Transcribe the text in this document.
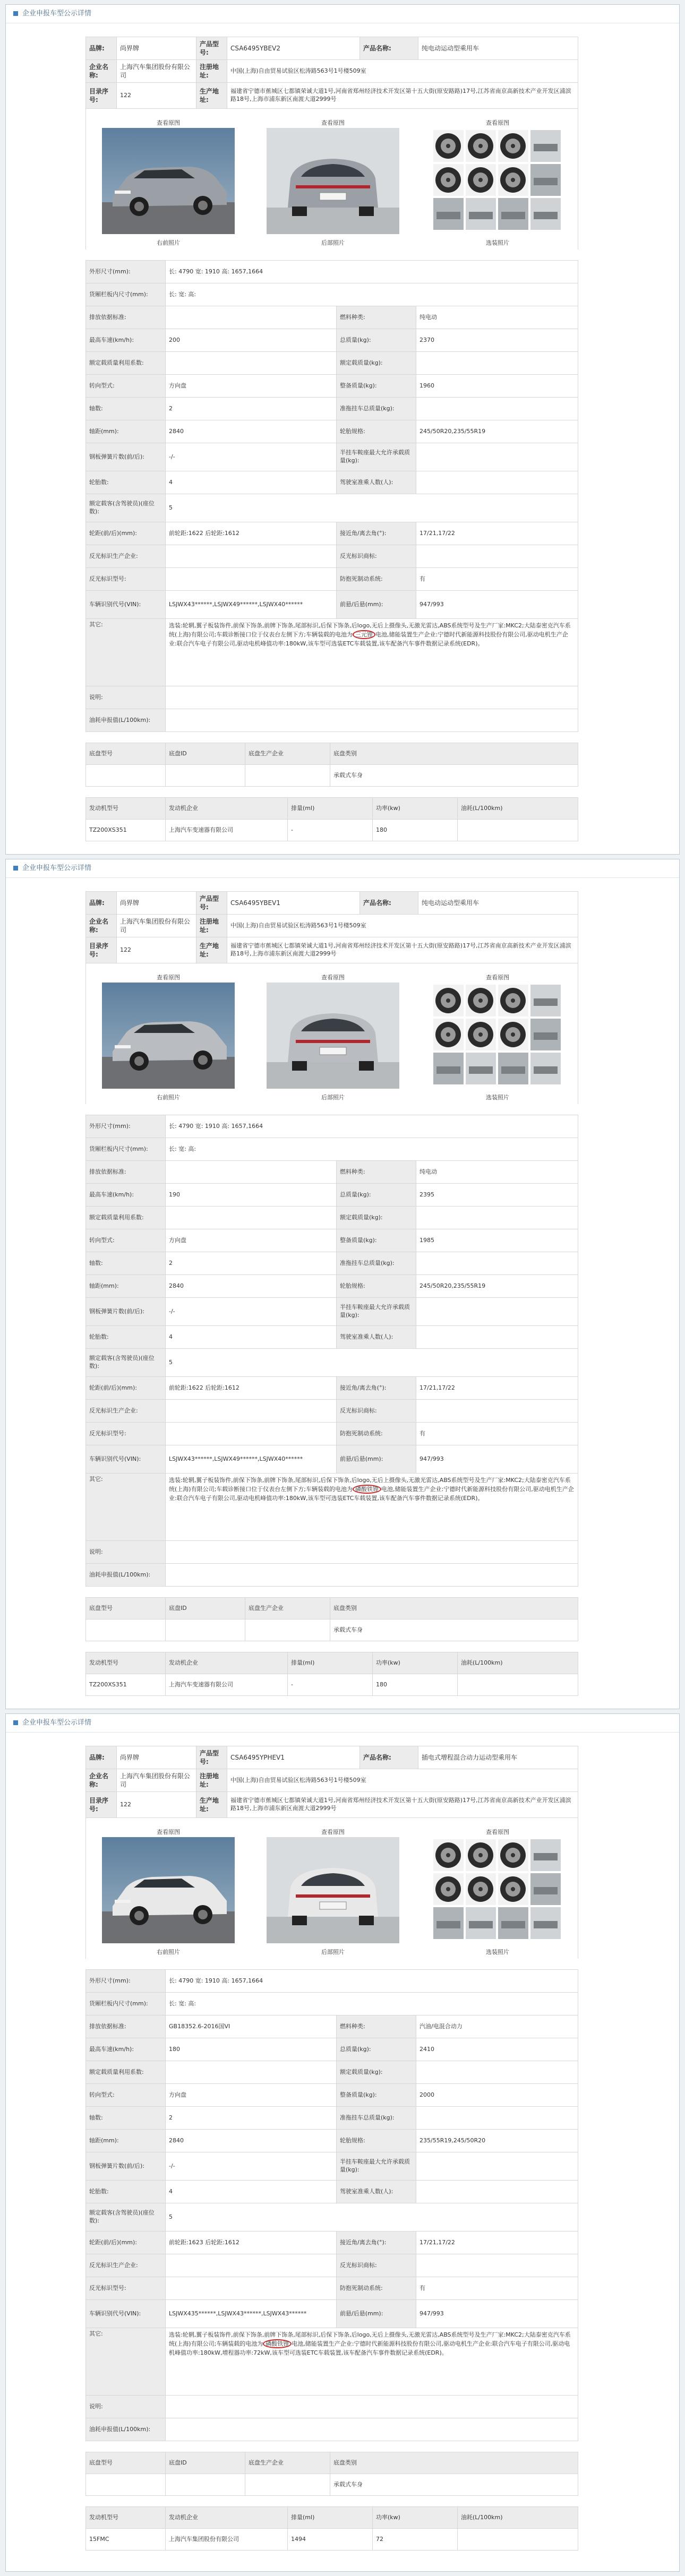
企业申报车型公示详情
品牌:	尚界牌	产品型号:	CSA6495YBEV2	产品名称:	纯电动运动型乘用车
企业名称:	上海汽车集团股份有限公司	注册地址:	中国(上海)自由贸易试验区松涛路563号1号楼509室		
目录序号:	122	生产地址:	福建省宁德市蕉城区七都镇荣诚大道1号,河南省郑州经济技术开发区第十五大街(原安路路)17号,江苏省南京高新技术产业开发区浦滨路18号,上海市浦东新区南渡大道2999号		
查看原图
右前照片
查看原图
后部照片
查看原图
选装照片
外形尺寸(mm):	长: 4790 宽: 1910 高: 1657,1664		
货厢栏板内尺寸(mm):	长: 宽: 高:		
排放依据标准:		燃料种类:	纯电动
最高车速(km/h):	200	总质量(kg):	2370
额定载质量利用系数:		额定载质量(kg):	
转向型式:	方向盘	整备质量(kg):	1960
轴数:	2	准拖挂车总质量(kg):	
轴距(mm):	2840	轮胎规格:	245/50R20,235/55R19
钢板弹簧片数(前/后):	-/-	半挂车鞍座最大允许承载质量(kg):	
轮胎数:	4	驾驶室准乘人数(人):	
额定载客(含驾驶员)(座位数):	5		
轮距(前/后)(mm):	前轮距:1622 后轮距:1612	接近角/离去角(°):	17/21,17/22
反光标识生产企业:		反光标识商标:	
反光标识型号:		防抱死制动系统:	有
车辆识别代号(VIN):	LSJWX43******,LSJWX49******,LSJWX40******	前悬/后悬(mm):	947/993
其它:	选装:轮辋,翼子板装饰件,前保下饰条,前牌下饰条,尾部标识,后保下饰条,后logo,无后上摄像头,无激光雷达,ABS系统型号及生产厂家:MKC2;大陆泰密克汽车系统(上海)有限公司;车载诊断接口位于仪表台左侧下方;车辆装载的电池为 三元锂 电池,储能装置生产企业:宁德时代新能源科技股份有限公司,驱动电机生产企业:联合汽车电子有限公司,驱动电机峰值功率:180kW,该车型可选装ETC车载装置,该车配备汽车事件数据记录系统(EDR)。		
说明:			
油耗申报值(L/100km):			
底盘型号	底盘ID	底盘生产企业	底盘类别
			承载式车身
发动机型号	发动机企业	排量(ml)	功率(kw)	油耗(L/100km)
TZ200XS351	上海汽车变速器有限公司	-	180	
企业申报车型公示详情
品牌:	尚界牌	产品型号:	CSA6495YBEV1	产品名称:	纯电动运动型乘用车
企业名称:	上海汽车集团股份有限公司	注册地址:	中国(上海)自由贸易试验区松涛路563号1号楼509室		
目录序号:	122	生产地址:	福建省宁德市蕉城区七都镇荣诚大道1号,河南省郑州经济技术开发区第十五大街(原安路路)17号,江苏省南京高新技术产业开发区浦滨路18号,上海市浦东新区南渡大道2999号		
查看原图
右前照片
查看原图
后部照片
查看原图
选装照片
外形尺寸(mm):	长: 4790 宽: 1910 高: 1657,1664		
货厢栏板内尺寸(mm):	长: 宽: 高:		
排放依据标准:		燃料种类:	纯电动
最高车速(km/h):	190	总质量(kg):	2395
额定载质量利用系数:		额定载质量(kg):	
转向型式:	方向盘	整备质量(kg):	1985
轴数:	2	准拖挂车总质量(kg):	
轴距(mm):	2840	轮胎规格:	245/50R20,235/55R19
钢板弹簧片数(前/后):	-/-	半挂车鞍座最大允许承载质量(kg):	
轮胎数:	4	驾驶室准乘人数(人):	
额定载客(含驾驶员)(座位数):	5		
轮距(前/后)(mm):	前轮距:1622 后轮距:1612	接近角/离去角(°):	17/21,17/22
反光标识生产企业:		反光标识商标:	
反光标识型号:		防抱死制动系统:	有
车辆识别代号(VIN):	LSJWX43******,LSJWX49******,LSJWX40******	前悬/后悬(mm):	947/993
其它:	选装:轮辋,翼子板装饰件,前保下饰条,前牌下饰条,尾部标识,后保下饰条,后logo,无后上摄像头,无激光雷达,ABS系统型号及生产厂家:MKC2;大陆泰密克汽车系统(上海)有限公司;车载诊断接口位于仪表台左侧下方;车辆装载的电池为 磷酸铁锂 电池,储能装置生产企业:宁德时代新能源科技股份有限公司,驱动电机生产企业:联合汽车电子有限公司,驱动电机峰值功率:180kW,该车型可选装ETC车载装置,该车配备汽车事件数据记录系统(EDR)。		
说明:			
油耗申报值(L/100km):			
底盘型号	底盘ID	底盘生产企业	底盘类别
			承载式车身
发动机型号	发动机企业	排量(ml)	功率(kw)	油耗(L/100km)
TZ200XS351	上海汽车变速器有限公司	-	180	
企业申报车型公示详情
品牌:	尚界牌	产品型号:	CSA6495YPHEV1	产品名称:	插电式增程混合动力运动型乘用车
企业名称:	上海汽车集团股份有限公司	注册地址:	中国(上海)自由贸易试验区松涛路563号1号楼509室		
目录序号:	122	生产地址:	福建省宁德市蕉城区七都镇荣诚大道1号,河南省郑州经济技术开发区第十五大街(原安路路)17号,江苏省南京高新技术产业开发区浦滨路18号,上海市浦东新区南渡大道2999号		
查看原图
右前照片
查看原图
后部照片
查看原图
选装照片
外形尺寸(mm):	长: 4790 宽: 1910 高: 1657,1664		
货厢栏板内尺寸(mm):	长: 宽: 高:		
排放依据标准:	GB18352.6-2016国VI	燃料种类:	汽油/电混合动力
最高车速(km/h):	180	总质量(kg):	2410
额定载质量利用系数:		额定载质量(kg):	
转向型式:	方向盘	整备质量(kg):	2000
轴数:	2	准拖挂车总质量(kg):	
轴距(mm):	2840	轮胎规格:	235/55R19,245/50R20
钢板弹簧片数(前/后):	-/-	半挂车鞍座最大允许承载质量(kg):	
轮胎数:	4	驾驶室准乘人数(人):	
额定载客(含驾驶员)(座位数):	5		
轮距(前/后)(mm):	前轮距:1623 后轮距:1612	接近角/离去角(°):	17/21,17/22
反光标识生产企业:		反光标识商标:	
反光标识型号:		防抱死制动系统:	有
车辆识别代号(VIN):	LSJWX435******,LSJWX43******,LSJWX43******	前悬/后悬(mm):	947/993
其它:	选装:轮辋,翼子板装饰件,前保下饰条,前牌下饰条,尾部标识,后保下饰条,后logo,无后上摄像头,无激光雷达,ABS系统型号及生产厂家:MKC2;大陆泰密克汽车系统(上海)有限公司;车辆装载的电池为 磷酸铁锂 电池,储能装置生产企业:宁德时代新能源科技股份有限公司,驱动电机生产企业:联合汽车电子有限公司,驱动电机峰值功率:180kW,增程器功率:72kW,该车型可选装ETC车载装置,该车配备汽车事件数据记录系统(EDR)。		
说明:			
油耗申报值(L/100km):			
底盘型号	底盘ID	底盘生产企业	底盘类别
			承载式车身
发动机型号	发动机企业	排量(ml)	功率(kw)	油耗(L/100km)
15FMC	上海汽车集团股份有限公司	1494	72	
